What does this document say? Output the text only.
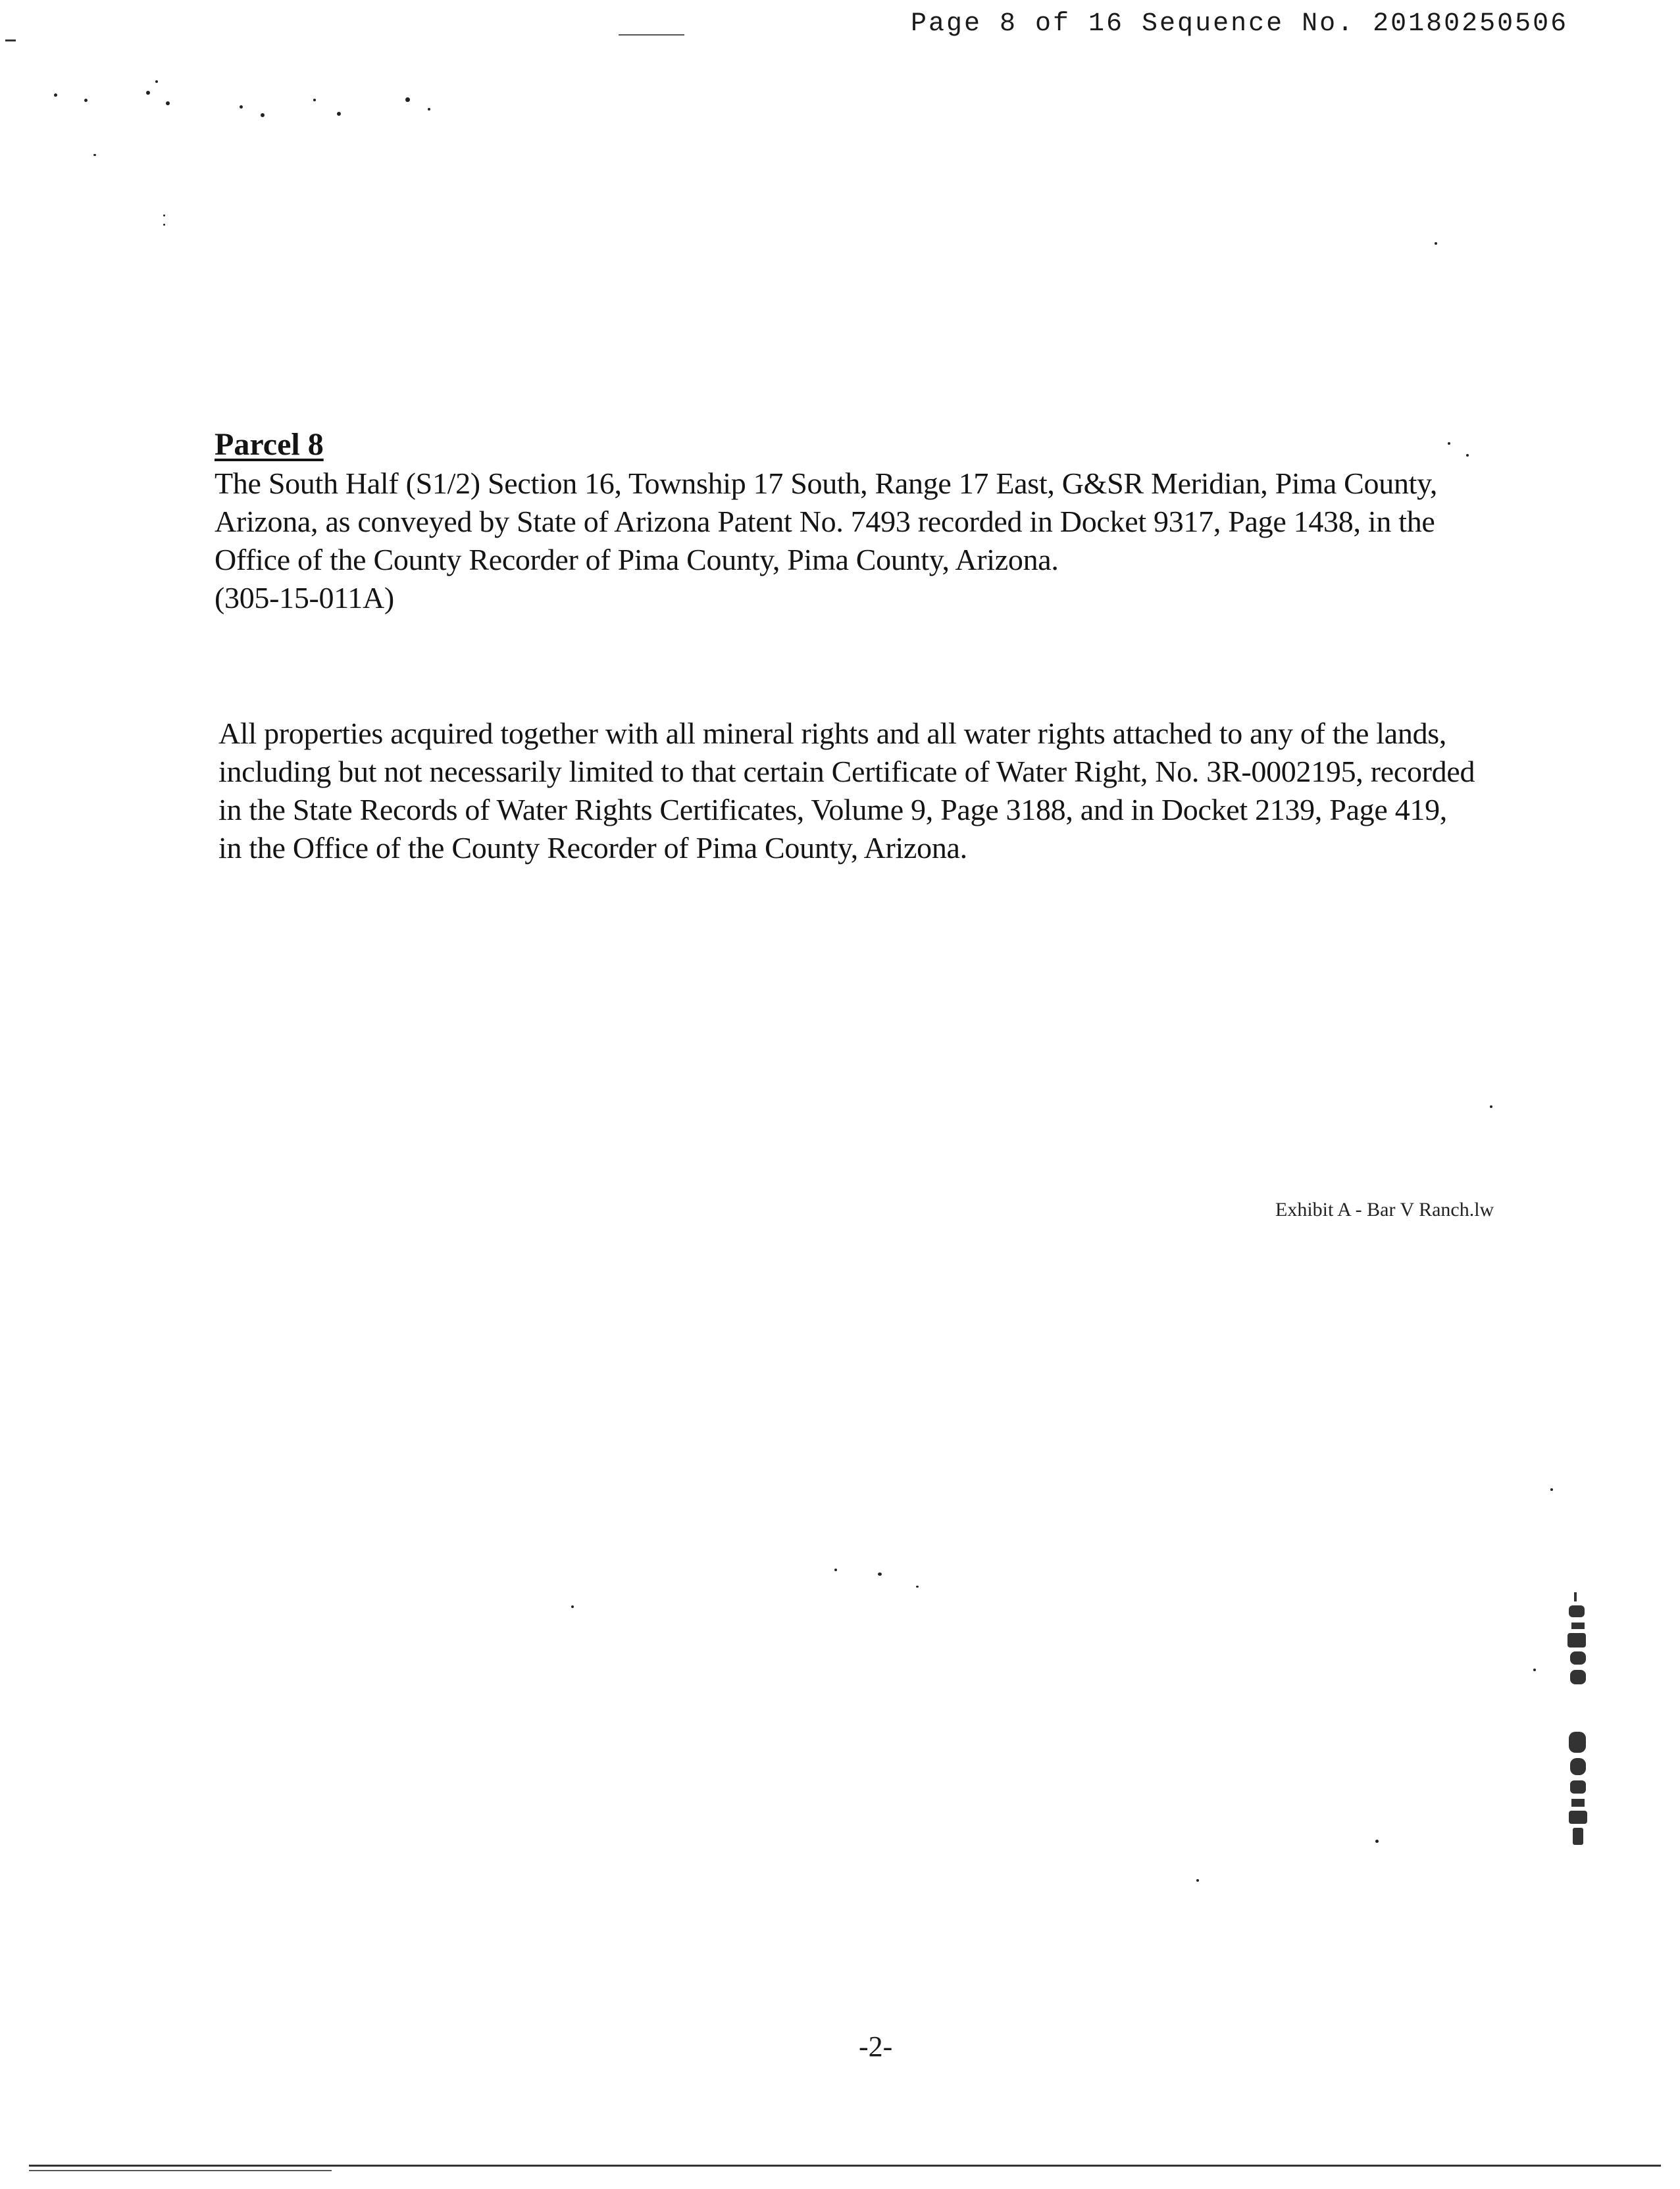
Page 8 of 16 Sequence No. 20180250506
Parcel 8
The South Half (S1/2) Section 16, Township 17 South, Range 17 East, G&SR Meridian, Pima County,
Arizona, as conveyed by State of Arizona Patent No. 7493 recorded in Docket 9317, Page 1438, in the
Office of the County Recorder of Pima County, Pima County, Arizona.
(305-15-011A)
All properties acquired together with all mineral rights and all water rights attached to any of the lands,
including but not necessarily limited to that certain Certificate of Water Right, No. 3R-0002195, recorded
in the State Records of Water Rights Certificates, Volume 9, Page 3188, and in Docket 2139, Page 419,
in the Office of the County Recorder of Pima County, Arizona.
Exhibit A - Bar V Ranch.lw
-2-
